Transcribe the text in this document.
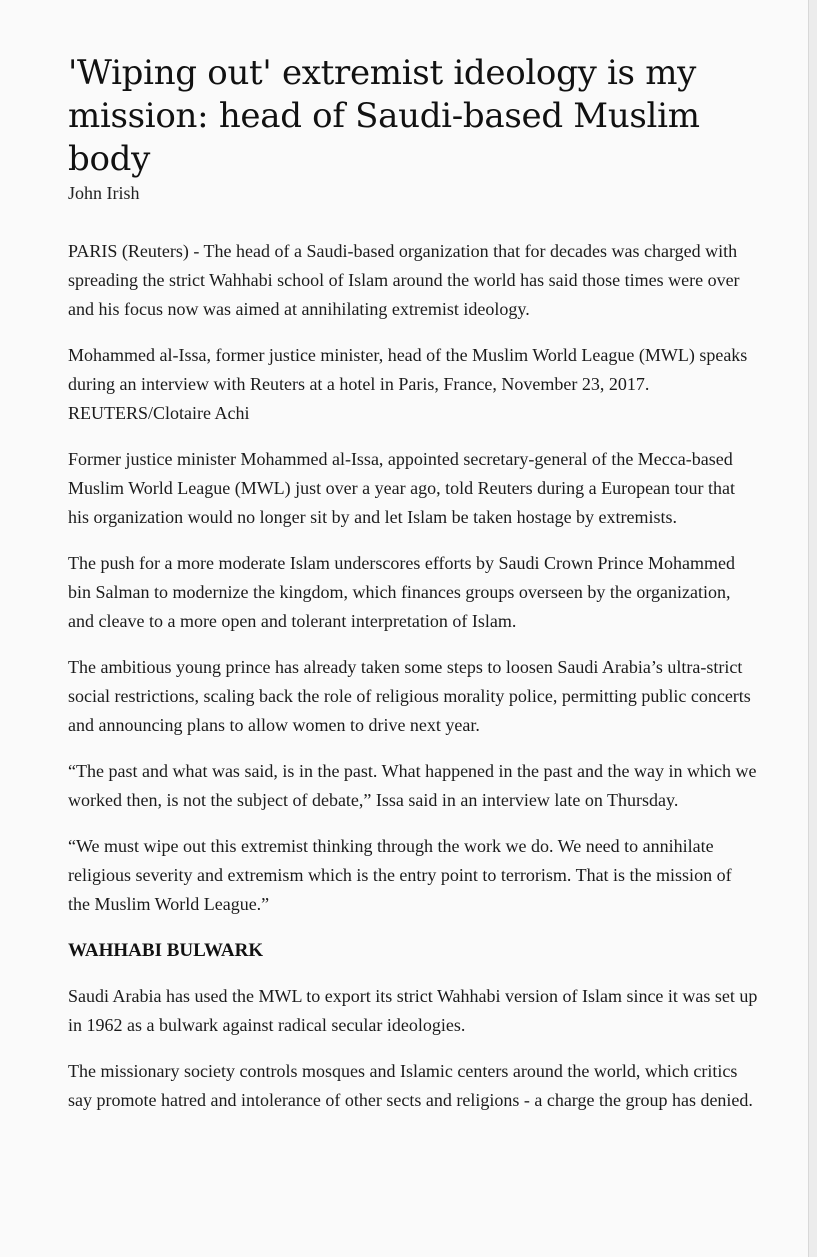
'Wiping out' extremist ideology is my mission: head of Saudi-based Muslim body

John Irish

PARIS (Reuters) - The head of a Saudi-based organization that for decades was charged with spreading the strict Wahhabi school of Islam around the world has said those times were over and his focus now was aimed at annihilating extremist ideology.

Mohammed al-Issa, former justice minister, head of the Muslim World League (MWL) speaks during an interview with Reuters at a hotel in Paris, France, November 23, 2017. REUTERS/Clotaire Achi

Former justice minister Mohammed al-Issa, appointed secretary-general of the Mecca-based Muslim World League (MWL) just over a year ago, told Reuters during a European tour that his organization would no longer sit by and let Islam be taken hostage by extremists.

The push for a more moderate Islam underscores efforts by Saudi Crown Prince Mohammed bin Salman to modernize the kingdom, which finances groups overseen by the organization, and cleave to a more open and tolerant interpretation of Islam.

The ambitious young prince has already taken some steps to loosen Saudi Arabia’s ultra-strict social restrictions, scaling back the role of religious morality police, permitting public concerts and announcing plans to allow women to drive next year.

“The past and what was said, is in the past. What happened in the past and the way in which we worked then, is not the subject of debate,” Issa said in an interview late on Thursday.

“We must wipe out this extremist thinking through the work we do. We need to annihilate religious severity and extremism which is the entry point to terrorism. That is the mission of the Muslim World League.”

WAHHABI BULWARK

Saudi Arabia has used the MWL to export its strict Wahhabi version of Islam since it was set up in 1962 as a bulwark against radical secular ideologies.

The missionary society controls mosques and Islamic centers around the world, which critics say promote hatred and intolerance of other sects and religions - a charge the group has denied.
